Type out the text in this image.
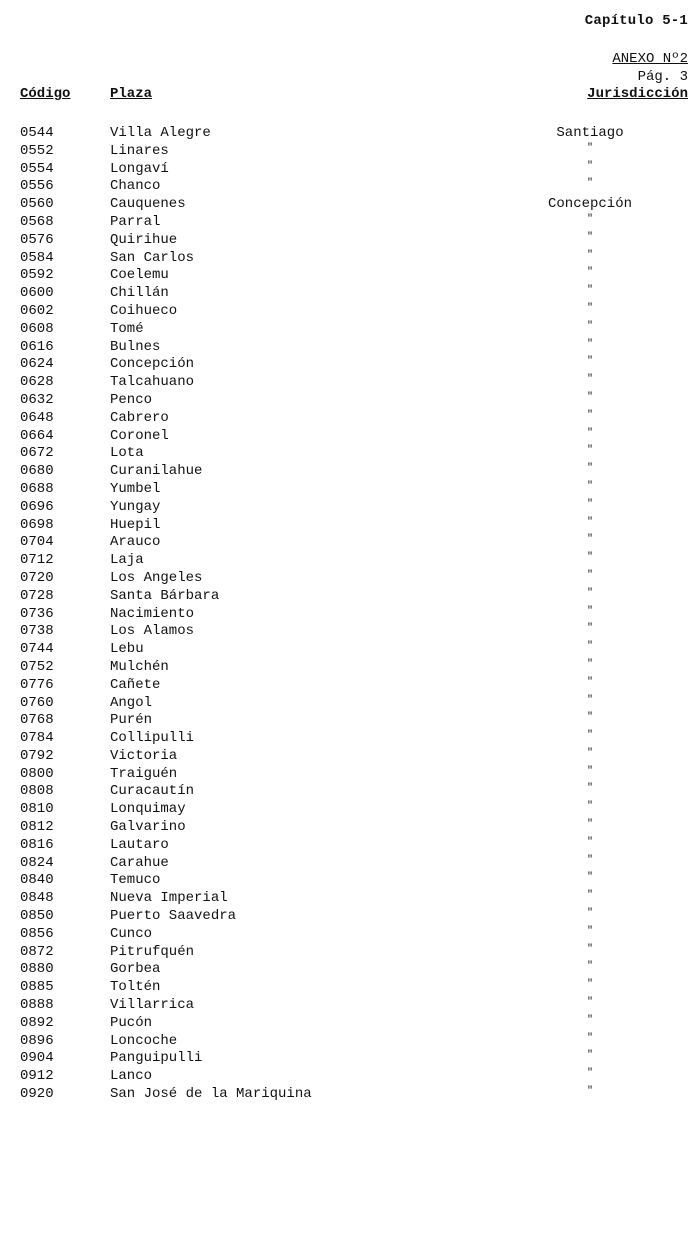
Capítulo 5-1
ANEXO Nº2
Pág. 3
Código	Plaza	Jurisdicción
0544	Villa Alegre	Santiago
0552	Linares	"
0554	Longaví	"
0556	Chanco	"
0560	Cauquenes	Concepción
0568	Parral	"
0576	Quirihue	"
0584	San Carlos	"
0592	Coelemu	"
0600	Chillán	"
0602	Coihueco	"
0608	Tomé	"
0616	Bulnes	"
0624	Concepción	"
0628	Talcahuano	"
0632	Penco	"
0648	Cabrero	"
0664	Coronel	"
0672	Lota	"
0680	Curanilahue	"
0688	Yumbel	"
0696	Yungay	"
0698	Huepil	"
0704	Arauco	"
0712	Laja	"
0720	Los Angeles	"
0728	Santa Bárbara	"
0736	Nacimiento	"
0738	Los Alamos	"
0744	Lebu	"
0752	Mulchén	"
0776	Cañete	"
0760	Angol	"
0768	Purén	"
0784	Collipulli	"
0792	Victoria	"
0800	Traiguén	"
0808	Curacautín	"
0810	Lonquimay	"
0812	Galvarino	"
0816	Lautaro	"
0824	Carahue	"
0840	Temuco	"
0848	Nueva Imperial	"
0850	Puerto Saavedra	"
0856	Cunco	"
0872	Pitrufquén	"
0880	Gorbea	"
0885	Toltén	"
0888	Villarrica	"
0892	Pucón	"
0896	Loncoche	"
0904	Panguipulli	"
0912	Lanco	"
0920	San José de la Mariquina	"
